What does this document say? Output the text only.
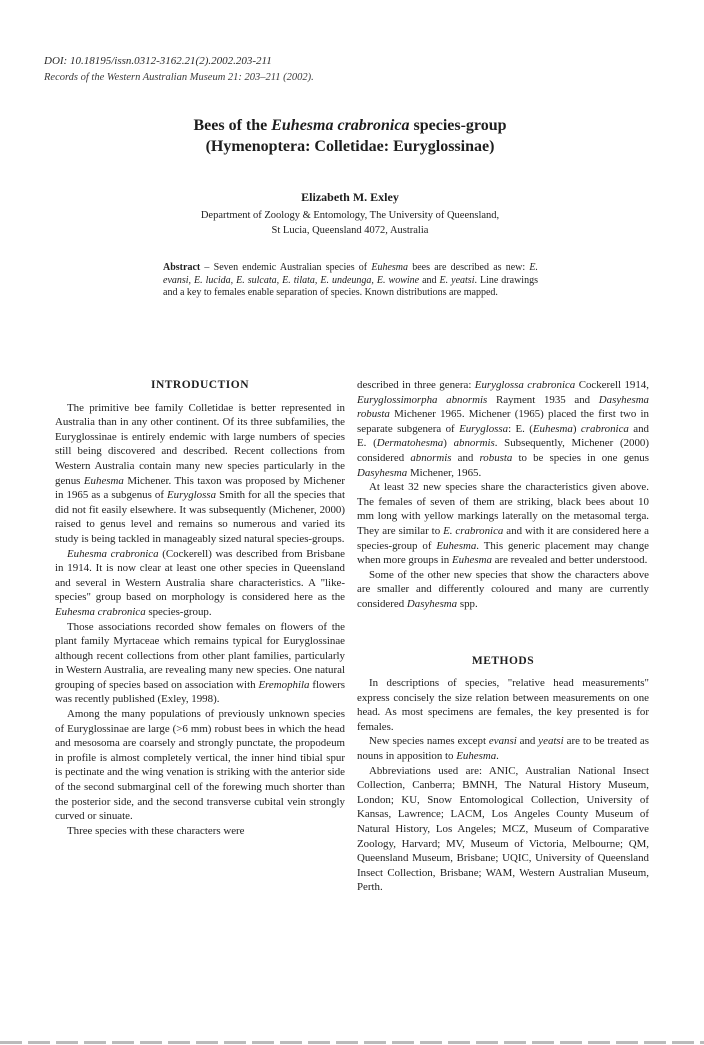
DOI: 10.18195/issn.0312-3162.21(2).2002.203-211
Records of the Western Australian Museum 21: 203–211 (2002).
Bees of the Euhesma crabronica species-group
(Hymenoptera: Colletidae: Euryglossinae)
Elizabeth M. Exley
Department of Zoology & Entomology, The University of Queensland,
St Lucia, Queensland 4072, Australia
Abstract – Seven endemic Australian species of Euhesma bees are described as new: E. evansi, E. lucida, E. sulcata, E. tilata, E. undeunga, E. wowine and E. yeatsi. Line drawings and a key to females enable separation of species. Known distributions are mapped.
INTRODUCTION

The primitive bee family Colletidae is better represented in Australia than in any other continent. Of its three subfamilies, the Euryglossinae is entirely endemic with large numbers of species still being discovered and described. Recent collections from Western Australia contain many new species particularly in the genus Euhesma Michener. This taxon was proposed by Michener in 1965 as a subgenus of Euryglossa Smith for all the species that did not fit easily elsewhere. It was subsequently (Michener, 2000) raised to genus level and remains so numerous and varied its study is being tackled in manageably sized natural species-groups.

Euhesma crabronica (Cockerell) was described from Brisbane in 1914. It is now clear at least one other species in Queensland and several in Western Australia share characteristics. A "like-species" group based on morphology is considered here as the Euhesma crabronica species-group.

Those associations recorded show females on flowers of the plant family Myrtaceae which remains typical for Euryglossinae although recent collections from other plant families, particularly in Western Australia, are revealing many new species. One natural grouping of species based on association with Eremophila flowers was recently published (Exley, 1998).

Among the many populations of previously unknown species of Euryglossinae are large (>6 mm) robust bees in which the head and mesosoma are coarsely and strongly punctate, the propodeum in profile is almost completely vertical, the inner hind tibial spur is pectinate and the wing venation is striking with the anterior side of the second submarginal cell of the forewing much shorter than the posterior side, and the second transverse cubital vein strongly curved or sinuate.

Three species with these characters were

described in three genera: Euryglossa crabronica Cockerell 1914, Euryglossimorpha abnormis Rayment 1935 and Dasyhesma robusta Michener 1965. Michener (1965) placed the first two in separate subgenera of Euryglossa: E. (Euhesma) crabronica and E. (Dermatohesma) abnormis. Subsequently, Michener (2000) considered abnormis and robusta to be species in one genus Dasyhesma Michener, 1965.

At least 32 new species share the characteristics given above. The females of seven of them are striking, black bees about 10 mm long with yellow markings laterally on the metasomal terga. They are similar to E. crabronica and with it are considered here a species-group of Euhesma. This generic placement may change when more groups in Euhesma are revealed and better understood.

Some of the other new species that show the characters above are smaller and differently coloured and many are currently considered Dasyhesma spp.

METHODS

In descriptions of species, "relative head measurements" express concisely the size relation between measurements on one head. As most specimens are females, the key presented is for females.

New species names except evansi and yeatsi are to be treated as nouns in apposition to Euhesma.

Abbreviations used are: ANIC, Australian National Insect Collection, Canberra; BMNH, The Natural History Museum, London; KU, Snow Entomological Collection, University of Kansas, Lawrence; LACM, Los Angeles County Museum of Natural History, Los Angeles; MCZ, Museum of Comparative Zoology, Harvard; MV, Museum of Victoria, Melbourne; QM, Queensland Museum, Brisbane; UQIC, University of Queensland Insect Collection, Brisbane; WAM, Western Australian Museum, Perth.
